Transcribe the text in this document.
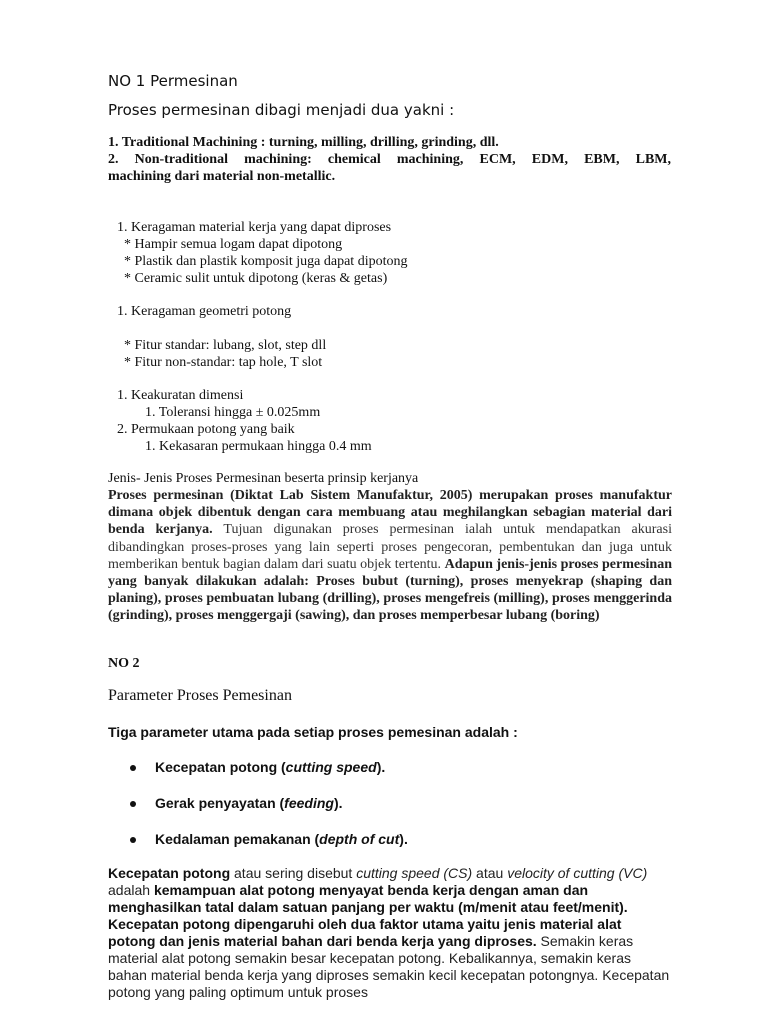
NO 1 Permesinan

Proses permesinan dibagi menjadi dua yakni :

1. Traditional Machining : turning, milling, drilling, grinding, dll.
2. Non-traditional machining: chemical machining, ECM, EDM, EBM, LBM,
machining dari material non-metallic.

1. Keragaman material kerja yang dapat diproses

* Hampir semua logam dapat dipotong

* Plastik dan plastik komposit juga dapat dipotong

* Ceramic sulit untuk dipotong (keras & getas)

1. Keragaman geometri potong

* Fitur standar: lubang, slot, step dll

* Fitur non-standar: tap hole, T slot

1. Keakuratan dimensi

1. Toleransi hingga ± 0.025mm

2. Permukaan potong yang baik

1. Kekasaran permukaan hingga 0.4 mm

Jenis- Jenis Proses Permesinan beserta prinsip kerjanya

Proses permesinan (Diktat Lab Sistem Manufaktur, 2005) merupakan proses manufaktur dimana objek dibentuk dengan cara membuang atau meghilangkan sebagian material dari benda kerjanya. Tujuan digunakan proses permesinan ialah untuk mendapatkan akurasi dibandingkan proses-proses yang lain seperti proses pengecoran, pembentukan dan juga untuk memberikan bentuk bagian dalam dari suatu objek tertentu. Adapun jenis-jenis proses permesinan yang banyak dilakukan adalah: Proses bubut (turning), proses menyekrap (shaping dan planing), proses pembuatan lubang (drilling), proses mengefreis (milling), proses menggerinda (grinding), proses menggergaji (sawing), dan proses memperbesar lubang (boring)

NO 2

Parameter Proses Pemesinan

Tiga parameter utama pada setiap proses pemesinan adalah :

Kecepatan potong (cutting speed).
Gerak penyayatan (feeding).
Kedalaman pemakanan (depth of cut).

Kecepatan potong atau sering disebut cutting speed (CS) atau velocity of cutting (VC) adalah kemampuan alat potong menyayat benda kerja dengan aman dan menghasilkan tatal dalam satuan panjang per waktu (m/menit atau feet/menit). Kecepatan potong dipengaruhi oleh dua faktor utama yaitu jenis material alat potong dan jenis material bahan dari benda kerja yang diproses. Semakin keras material alat potong semakin besar kecepatan potong. Kebalikannya, semakin keras bahan material benda kerja yang diproses semakin kecil kecepatan potongnya. Kecepatan potong yang paling optimum untuk proses
